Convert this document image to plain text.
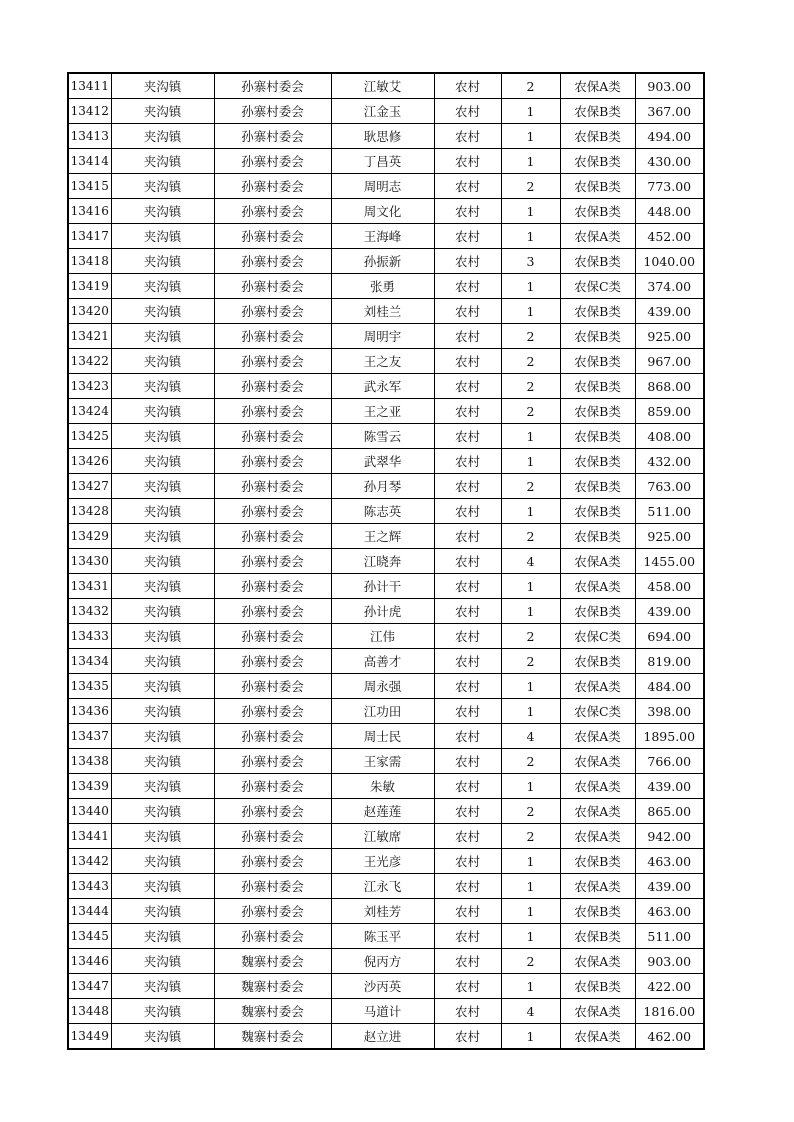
13411	夹沟镇	孙寨村委会	江敏艾	农村	2	农保A类	903.00
13412	夹沟镇	孙寨村委会	江金玉	农村	1	农保B类	367.00
13413	夹沟镇	孙寨村委会	耿思修	农村	1	农保B类	494.00
13414	夹沟镇	孙寨村委会	丁昌英	农村	1	农保B类	430.00
13415	夹沟镇	孙寨村委会	周明志	农村	2	农保B类	773.00
13416	夹沟镇	孙寨村委会	周文化	农村	1	农保B类	448.00
13417	夹沟镇	孙寨村委会	王海峰	农村	1	农保A类	452.00
13418	夹沟镇	孙寨村委会	孙振新	农村	3	农保B类	1040.00
13419	夹沟镇	孙寨村委会	张勇	农村	1	农保C类	374.00
13420	夹沟镇	孙寨村委会	刘桂兰	农村	1	农保B类	439.00
13421	夹沟镇	孙寨村委会	周明宇	农村	2	农保B类	925.00
13422	夹沟镇	孙寨村委会	王之友	农村	2	农保B类	967.00
13423	夹沟镇	孙寨村委会	武永军	农村	2	农保B类	868.00
13424	夹沟镇	孙寨村委会	王之亚	农村	2	农保B类	859.00
13425	夹沟镇	孙寨村委会	陈雪云	农村	1	农保B类	408.00
13426	夹沟镇	孙寨村委会	武翠华	农村	1	农保B类	432.00
13427	夹沟镇	孙寨村委会	孙月琴	农村	2	农保B类	763.00
13428	夹沟镇	孙寨村委会	陈志英	农村	1	农保B类	511.00
13429	夹沟镇	孙寨村委会	王之辉	农村	2	农保B类	925.00
13430	夹沟镇	孙寨村委会	江晓奔	农村	4	农保A类	1455.00
13431	夹沟镇	孙寨村委会	孙计干	农村	1	农保A类	458.00
13432	夹沟镇	孙寨村委会	孙计虎	农村	1	农保B类	439.00
13433	夹沟镇	孙寨村委会	江伟	农村	2	农保C类	694.00
13434	夹沟镇	孙寨村委会	高善才	农村	2	农保B类	819.00
13435	夹沟镇	孙寨村委会	周永强	农村	1	农保A类	484.00
13436	夹沟镇	孙寨村委会	江功田	农村	1	农保C类	398.00
13437	夹沟镇	孙寨村委会	周士民	农村	4	农保A类	1895.00
13438	夹沟镇	孙寨村委会	王家需	农村	2	农保A类	766.00
13439	夹沟镇	孙寨村委会	朱敏	农村	1	农保A类	439.00
13440	夹沟镇	孙寨村委会	赵莲莲	农村	2	农保A类	865.00
13441	夹沟镇	孙寨村委会	江敏席	农村	2	农保A类	942.00
13442	夹沟镇	孙寨村委会	王光彦	农村	1	农保B类	463.00
13443	夹沟镇	孙寨村委会	江永飞	农村	1	农保A类	439.00
13444	夹沟镇	孙寨村委会	刘桂芳	农村	1	农保B类	463.00
13445	夹沟镇	孙寨村委会	陈玉平	农村	1	农保B类	511.00
13446	夹沟镇	魏寨村委会	倪丙方	农村	2	农保A类	903.00
13447	夹沟镇	魏寨村委会	沙丙英	农村	1	农保B类	422.00
13448	夹沟镇	魏寨村委会	马道计	农村	4	农保A类	1816.00
13449	夹沟镇	魏寨村委会	赵立进	农村	1	农保A类	462.00
